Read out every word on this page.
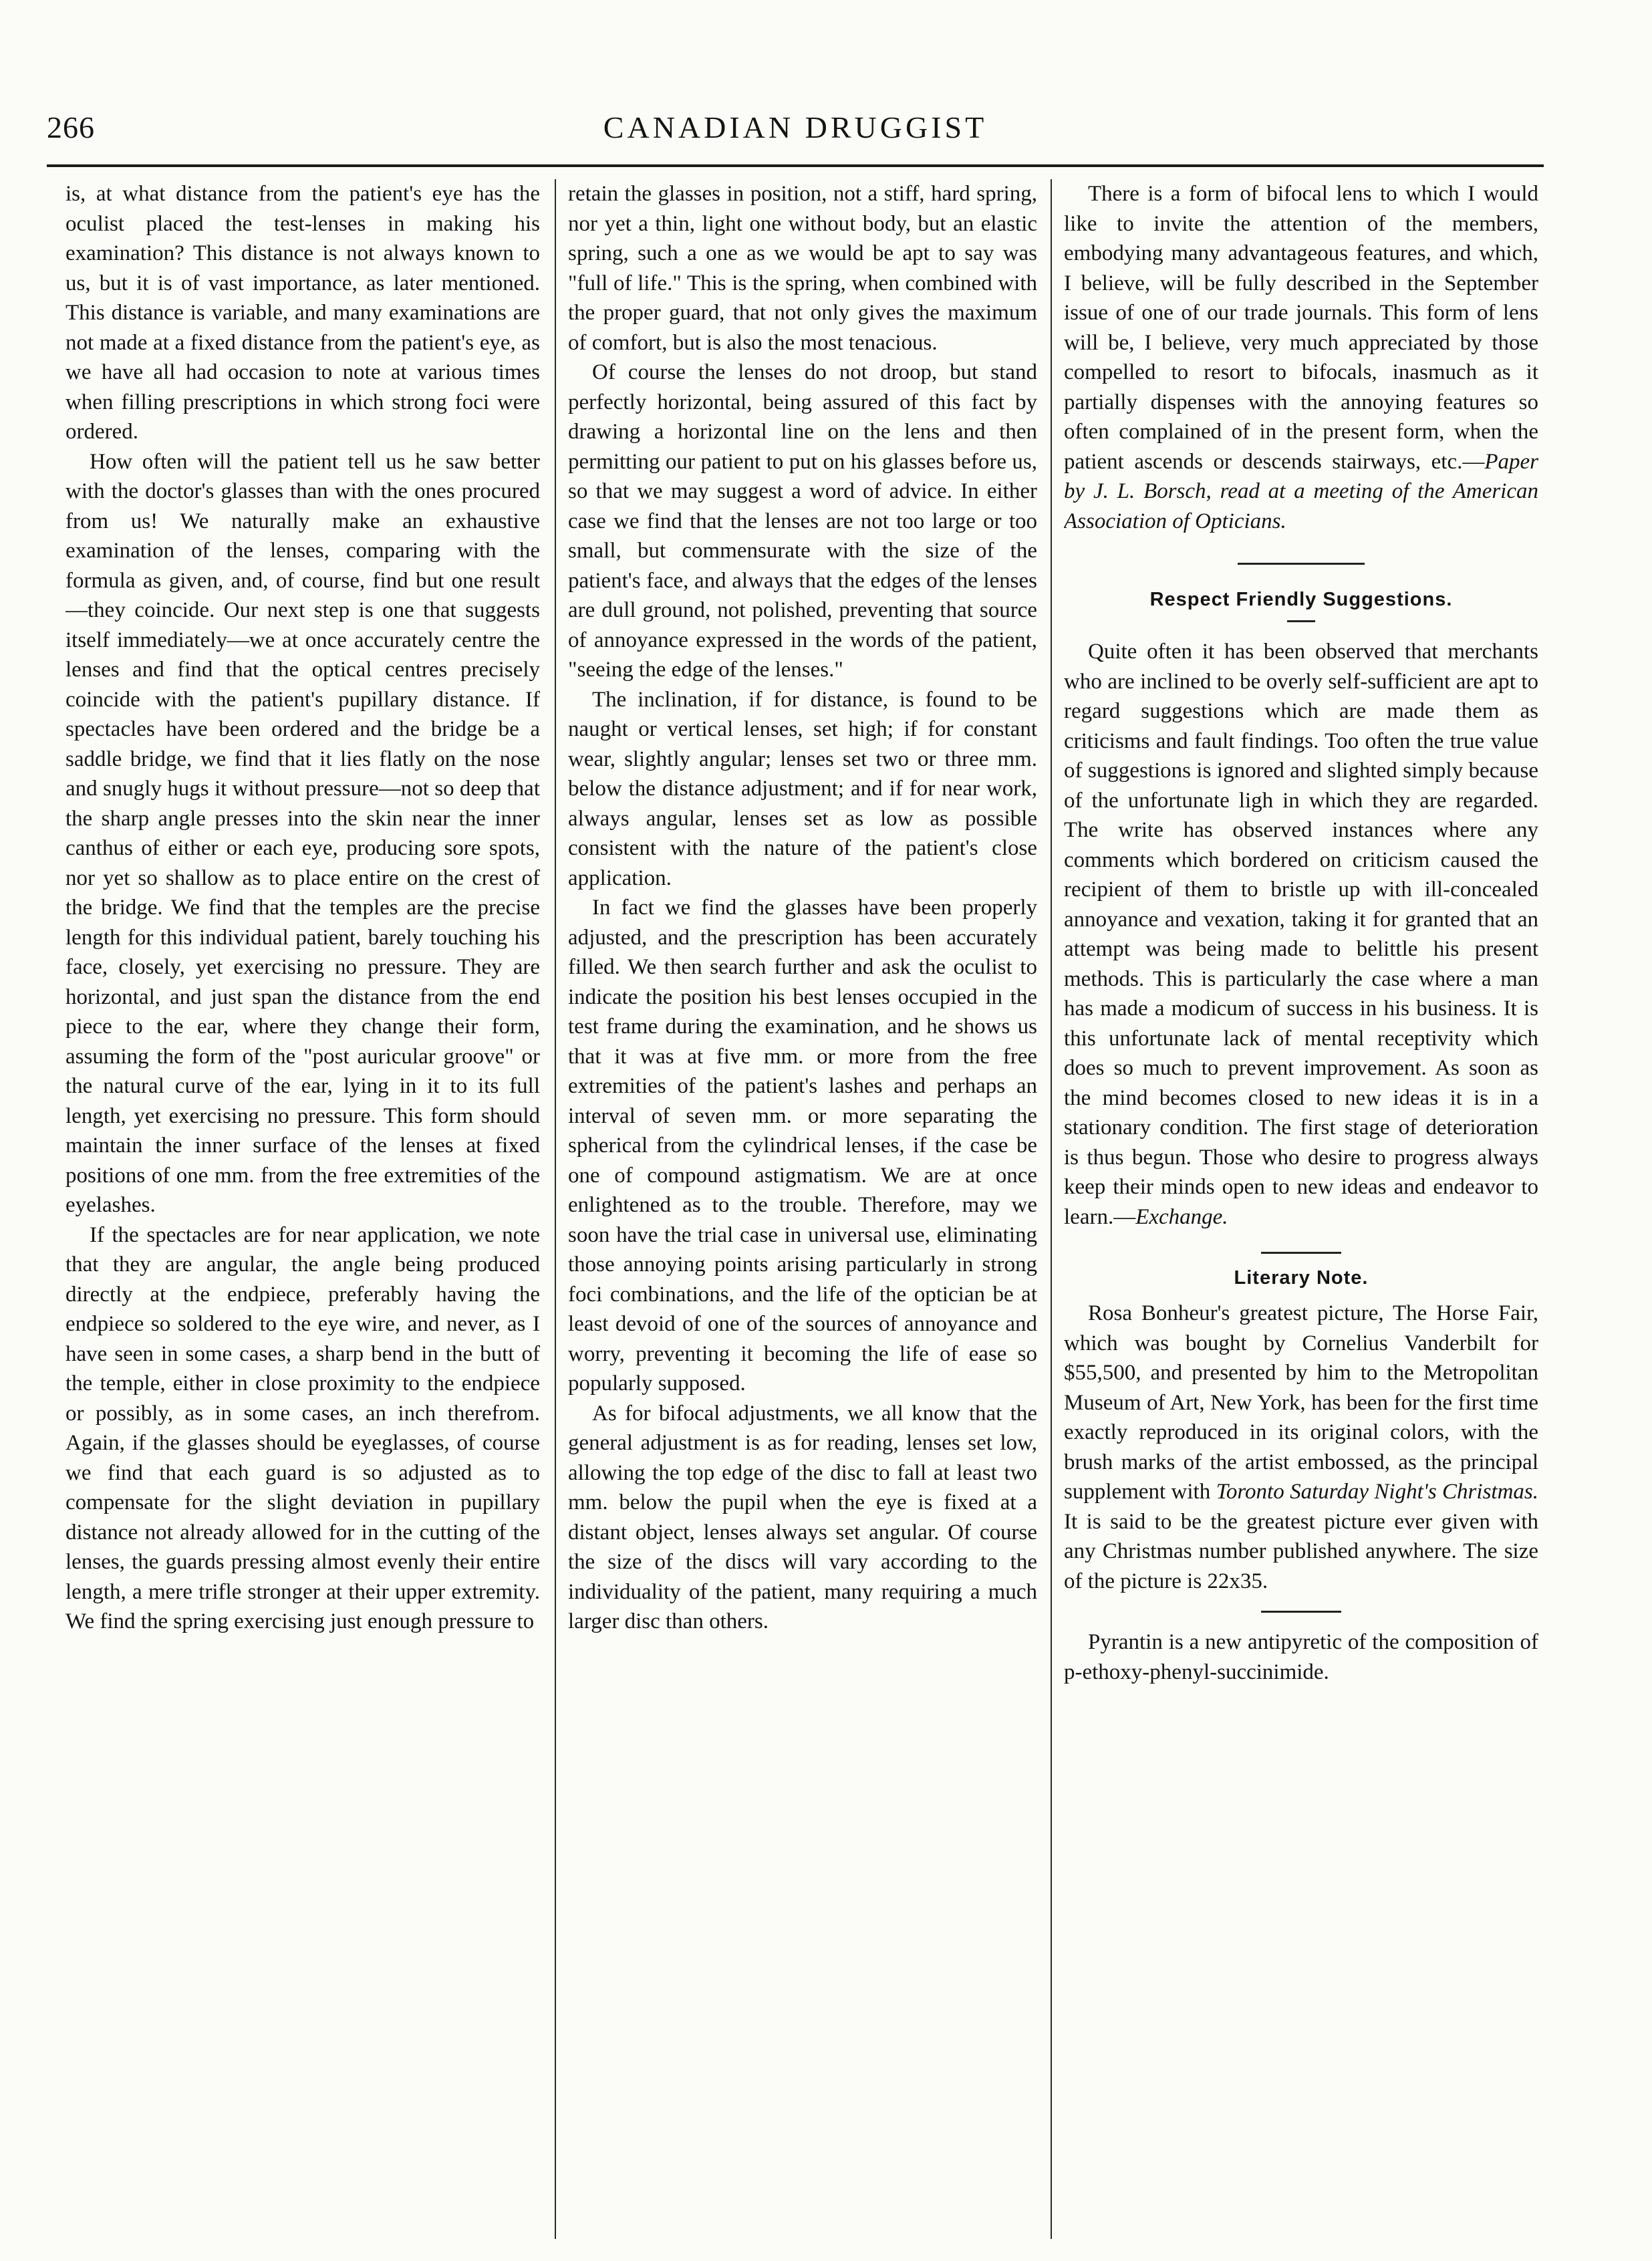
266	CANADIAN DRUGGIST

is, at what distance from the patient's eye has the oculist placed the test-lenses in making his examination? This distance is not always known to us, but it is of vast importance, as later mentioned. This distance is variable, and many examinations are not made at a fixed distance from the patient's eye, as we have all had occasion to note at various times when filling prescriptions in which strong foci were ordered.

How often will the patient tell us he saw better with the doctor's glasses than with the ones procured from us! We naturally make an exhaustive examination of the lenses, comparing with the formula as given, and, of course, find but one result—they coincide. Our next step is one that suggests itself immediately—we at once accurately centre the lenses and find that the optical centres precisely coincide with the patient's pupillary distance. If spectacles have been ordered and the bridge be a saddle bridge, we find that it lies flatly on the nose and snugly hugs it without pressure—not so deep that the sharp angle presses into the skin near the inner canthus of either or each eye, producing sore spots, nor yet so shallow as to place entire on the crest of the bridge. We find that the temples are the precise length for this individual patient, barely touching his face, closely, yet exercising no pressure. They are horizontal, and just span the distance from the end piece to the ear, where they change their form, assuming the form of the "post auricular groove" or the natural curve of the ear, lying in it to its full length, yet exercising no pressure. This form should maintain the inner surface of the lenses at fixed positions of one mm. from the free extremities of the eyelashes.

If the spectacles are for near application, we note that they are angular, the angle being produced directly at the endpiece, preferably having the endpiece so soldered to the eye wire, and never, as I have seen in some cases, a sharp bend in the butt of the temple, either in close proximity to the endpiece or possibly, as in some cases, an inch therefrom. Again, if the glasses should be eyeglasses, of course we find that each guard is so adjusted as to compensate for the slight deviation in pupillary distance not already allowed for in the cutting of the lenses, the guards pressing almost evenly their entire length, a mere trifle stronger at their upper extremity. We find the spring exercising just enough pressure to

retain the glasses in position, not a stiff, hard spring, nor yet a thin, light one without body, but an elastic spring, such a one as we would be apt to say was "full of life." This is the spring, when combined with the proper guard, that not only gives the maximum of comfort, but is also the most tenacious.

Of course the lenses do not droop, but stand perfectly horizontal, being assured of this fact by drawing a horizontal line on the lens and then permitting our patient to put on his glasses before us, so that we may suggest a word of advice. In either case we find that the lenses are not too large or too small, but commensurate with the size of the patient's face, and always that the edges of the lenses are dull ground, not polished, preventing that source of annoyance expressed in the words of the patient, "seeing the edge of the lenses."

The inclination, if for distance, is found to be naught or vertical lenses, set high; if for constant wear, slightly angular; lenses set two or three mm. below the distance adjustment; and if for near work, always angular, lenses set as low as possible consistent with the nature of the patient's close application.

In fact we find the glasses have been properly adjusted, and the prescription has been accurately filled. We then search further and ask the oculist to indicate the position his best lenses occupied in the test frame during the examination, and he shows us that it was at five mm. or more from the free extremities of the patient's lashes and perhaps an interval of seven mm. or more separating the spherical from the cylindrical lenses, if the case be one of compound astigmatism. We are at once enlightened as to the trouble. Therefore, may we soon have the trial case in universal use, eliminating those annoying points arising particularly in strong foci combinations, and the life of the optician be at least devoid of one of the sources of annoyance and worry, preventing it becoming the life of ease so popularly supposed.

As for bifocal adjustments, we all know that the general adjustment is as for reading, lenses set low, allowing the top edge of the disc to fall at least two mm. below the pupil when the eye is fixed at a distant object, lenses always set angular. Of course the size of the discs will vary according to the individuality of the patient, many requiring a much larger disc than others.

There is a form of bifocal lens to which I would like to invite the attention of the members, embodying many advantageous features, and which, I believe, will be fully described in the September issue of one of our trade journals. This form of lens will be, I believe, very much appreciated by those compelled to resort to bifocals, inasmuch as it partially dispenses with the annoying features so often complained of in the present form, when the patient ascends or descends stairways, etc.—Paper by J. L. Borsch, read at a meeting of the American Association of Opticians.

Respect Friendly Suggestions.

Quite often it has been observed that merchants who are inclined to be overly self-sufficient are apt to regard suggestions which are made them as criticisms and fault findings. Too often the true value of suggestions is ignored and slighted simply because of the unfortunate ligh in which they are regarded. The write has observed instances where any comments which bordered on criticism caused the recipient of them to bristle up with ill-concealed annoyance and vexation, taking it for granted that an attempt was being made to belittle his present methods. This is particularly the case where a man has made a modicum of success in his business. It is this unfortunate lack of mental receptivity which does so much to prevent improvement. As soon as the mind becomes closed to new ideas it is in a stationary condition. The first stage of deterioration is thus begun. Those who desire to progress always keep their minds open to new ideas and endeavor to learn.—Exchange.

Literary Note.

Rosa Bonheur's greatest picture, The Horse Fair, which was bought by Cornelius Vanderbilt for $55,500, and presented by him to the Metropolitan Museum of Art, New York, has been for the first time exactly reproduced in its original colors, with the brush marks of the artist embossed, as the principal supplement with Toronto Saturday Night's Christmas. It is said to be the greatest picture ever given with any Christmas number published anywhere. The size of the picture is 22x35.

Pyrantin is a new antipyretic of the composition of p-ethoxy-phenyl-succinimide.
